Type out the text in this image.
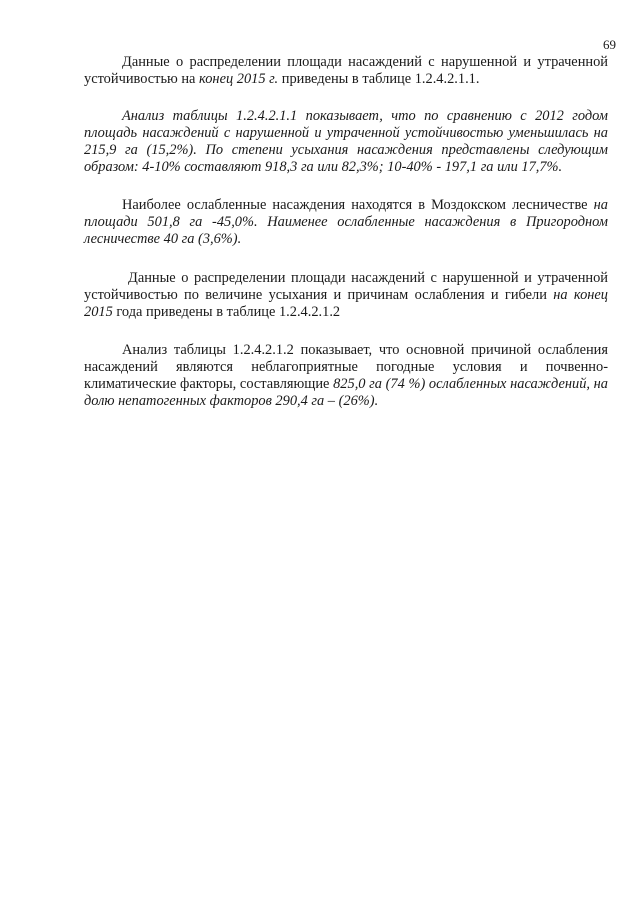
69

Данные о распределении площади насаждений с нарушенной и утраченной устойчивостью на конец 2015 г. приведены в таблице 1.2.4.2.1.1.

Анализ таблицы 1.2.4.2.1.1 показывает, что по сравнению с 2012 годом площадь насаждений с нарушенной и утраченной устойчивостью уменьшилась на 215,9 га (15,2%). По степени усыхания насаждения представлены следующим образом: 4-10% составляют 918,3 га или 82,3%; 10-40% - 197,1 га или 17,7%.

Наиболее ослабленные насаждения находятся в Моздокском лесничестве на площади 501,8 га -45,0%. Наименее ослабленные насаждения в Пригородном лесничестве 40 га (3,6%).

Данные о распределении площади насаждений с нарушенной и утраченной устойчивостью по величине усыхания и причинам ослабления и гибели на конец 2015 года приведены в таблице 1.2.4.2.1.2

Анализ таблицы 1.2.4.2.1.2 показывает, что основной причиной ослабления насаждений являются неблагоприятные погодные условия и почвенно-климатические факторы, составляющие 825,0 га (74 %) ослабленных насаждений, на долю непатогенных факторов 290,4 га – (26%).
